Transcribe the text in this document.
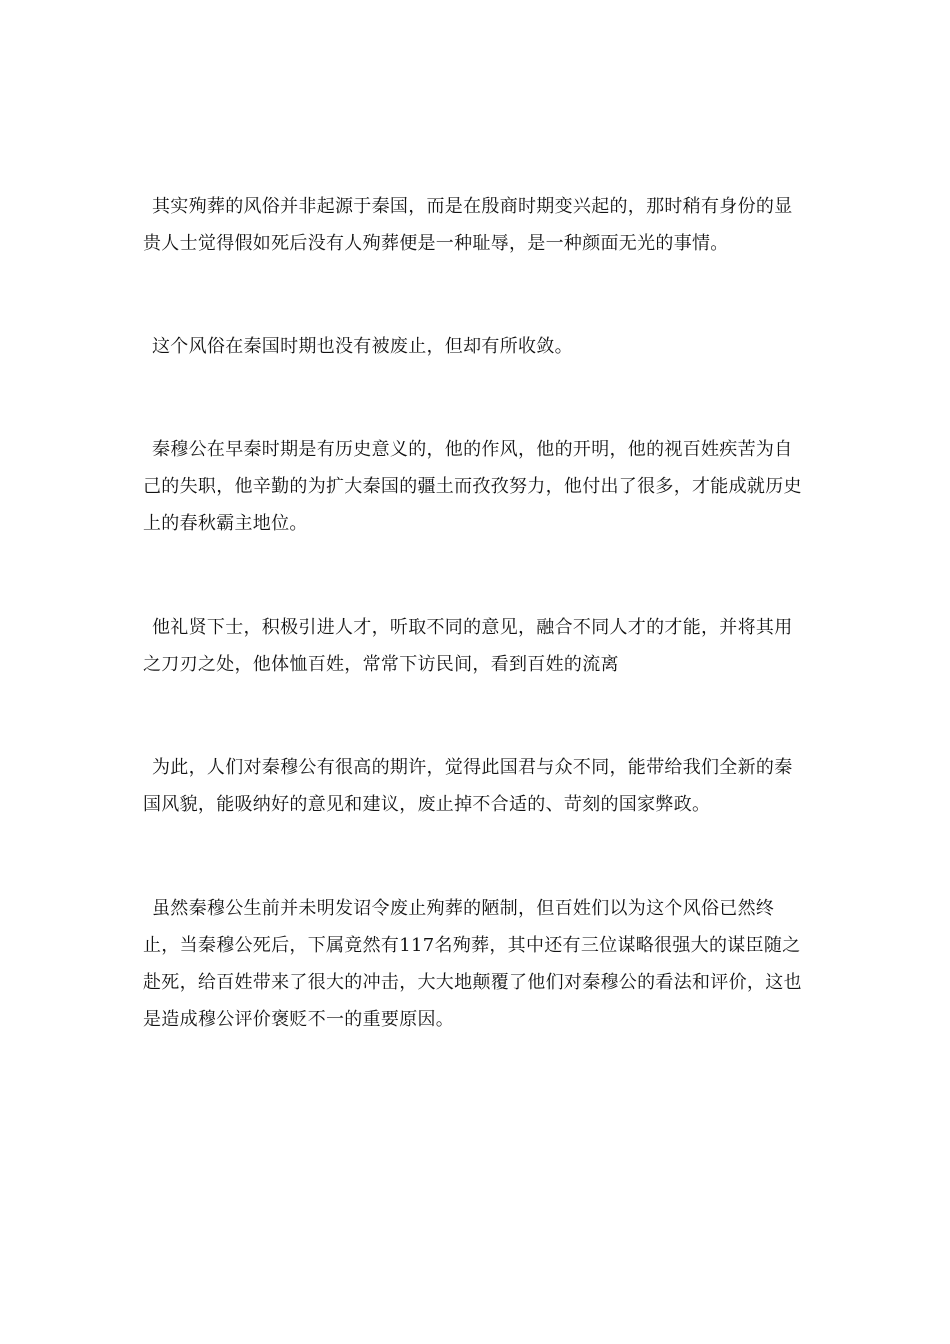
其实殉葬的风俗并非起源于秦国，而是在殷商时期变兴起的，那时稍有身份的显贵人士觉得假如死后没有人殉葬便是一种耻辱，是一种颜面无光的事情。

这个风俗在秦国时期也没有被废止，但却有所收敛。

秦穆公在早秦时期是有历史意义的，他的作风，他的开明，他的视百姓疾苦为自己的失职，他辛勤的为扩大秦国的疆土而孜孜努力，他付出了很多，才能成就历史上的春秋霸主地位。

他礼贤下士，积极引进人才，听取不同的意见，融合不同人才的才能，并将其用之刀刃之处，他体恤百姓，常常下访民间，看到百姓的流离

为此，人们对秦穆公有很高的期许，觉得此国君与众不同，能带给我们全新的秦国风貌，能吸纳好的意见和建议，废止掉不合适的、苛刻的国家弊政。

虽然秦穆公生前并未明发诏令废止殉葬的陋制，但百姓们以为这个风俗已然终止，当秦穆公死后，下属竟然有117名殉葬，其中还有三位谋略很强大的谋臣随之赴死，给百姓带来了很大的冲击，大大地颠覆了他们对秦穆公的看法和评价，这也是造成穆公评价褒贬不一的重要原因。
